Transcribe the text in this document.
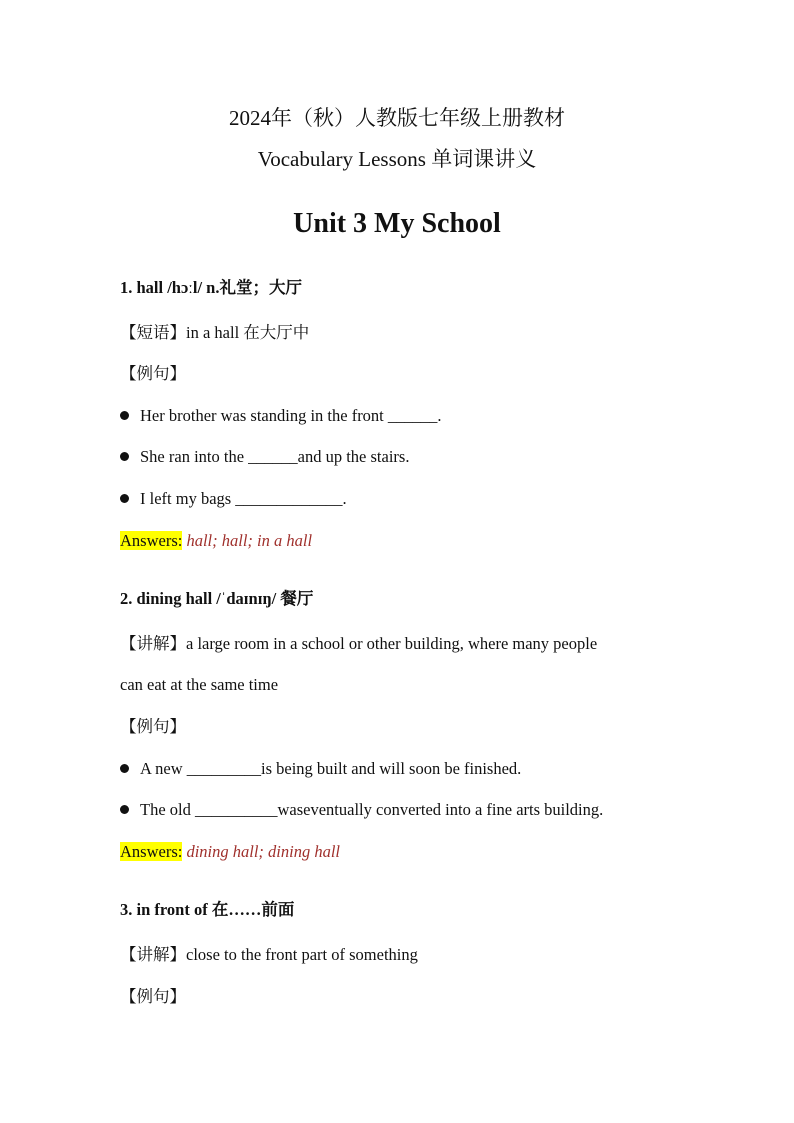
2024年（秋）人教版七年级上册教材
Vocabulary Lessons 单词课讲义
Unit 3 My School
1. hall /hɔːl/ n.礼堂；大厅
【短语】in a hall 在大厅中
【例句】
Her brother was standing in the front ______.
She ran into the ______and up the stairs.
I left my bags _____________.
Answers: hall; hall; in a hall
2. dining hall /ˈdaɪnɪŋ/ 餐厅
【讲解】a large room in a school or other building, where many people
can eat at the same time
【例句】
A new _________is being built and will soon be finished.
The old __________waseventually converted into a fine arts building.
Answers: dining hall; dining hall
3. in front of 在……前面
【讲解】close to the front part of something
【例句】
